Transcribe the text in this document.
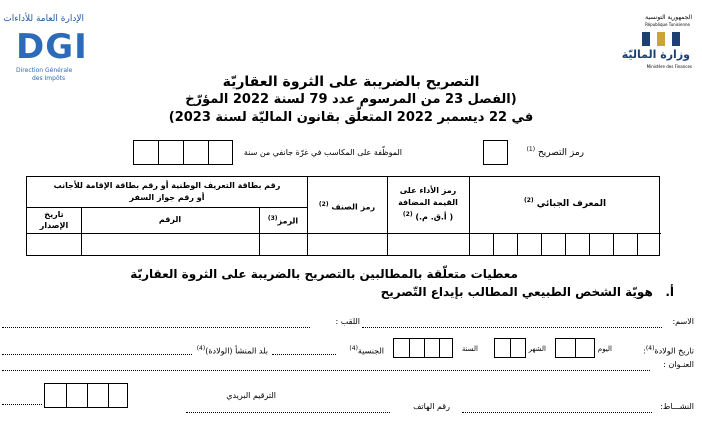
الإدارة العامة للأداءات
DGI
Direction Générale
des Impôts
الجمهورية التونسية
République Tunisienne
وزارة الماليّة
Ministère des Finances
التصريح بالضريبة على الثروة العقاريّة
(الفصل 23 من المرسوم عدد 79 لسنة 2022 المؤرّخ
في 22 ديسمبر 2022 المتعلّق بقانون الماليّة لسنة 2023)
رمز التصريح $^{(1)}$
الموظّفة على المكاسب في غرّة جانفي من سنة
المعرف الجبائي $^{(2)}$
رمز الأداء على
القيمة المضافة
( أ.ق. م.) $^{(2)}$
رمز الصنف $^{(2)}$
رقم بطاقة التعريف الوطنية أو رقم بطاقة الإقامة للأجانب
أو رقم جواز السفر
الرمز$^{(3)}$
الرقم
تاريخ
الإصدار
معطيات متعلّقة بالمطالبين بالتصريح بالضريبة على الثروة العقاريّة
أ.   هويّة الشخص الطبيعي المطالب بإيداع التّصريح
الاسم:
اللقب :
تاريخ الولادة$^{(4)}$:
اليوم
الشهر
السنة
الجنسية$^{(4)}$
بلد المنشأ (الولادة)$^{(4)}$
العنـوان :
الترقيم البريدي
النشـــاط:
رقم الهاتف
